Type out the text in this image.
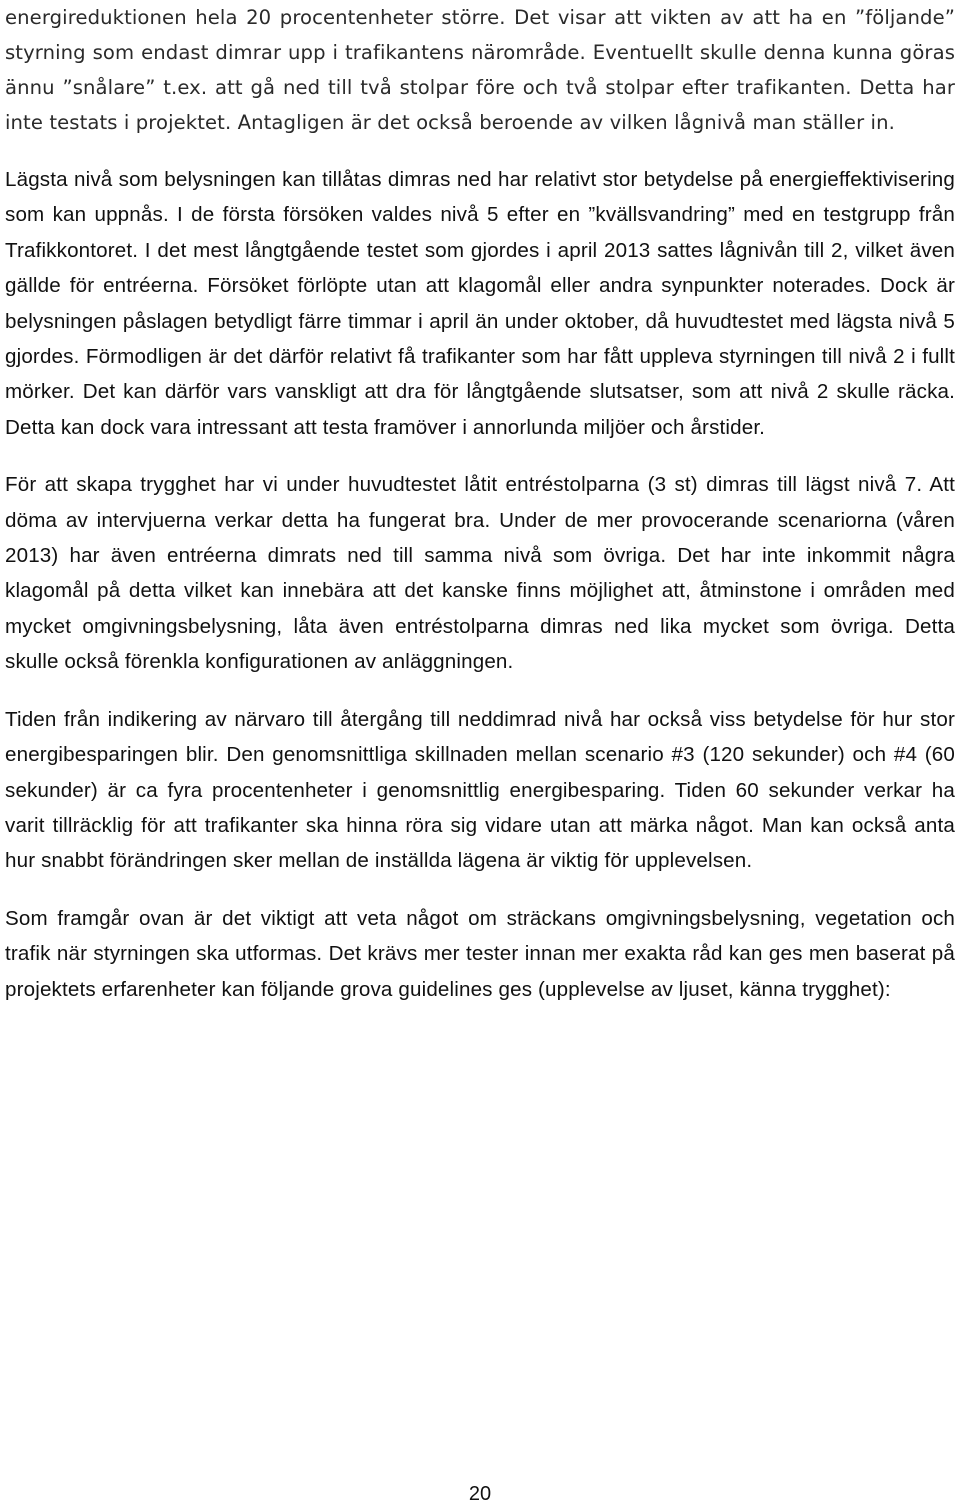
energireduktionen hela 20 procentenheter större. Det visar att vikten av att ha en ”följande” styrning som endast dimrar upp i trafikantens närområde. Eventuellt skulle denna kunna göras ännu ”snålare” t.ex. att gå ned till två stolpar före och två stolpar efter trafikanten. Detta har inte testats i projektet. Antagligen är det också beroende av vilken lågnivå man ställer in.

Lägsta nivå som belysningen kan tillåtas dimras ned har relativt stor betydelse på energieffektivisering som kan uppnås. I de första försöken valdes nivå 5 efter en ”kvällsvandring” med en testgrupp från Trafikkontoret. I det mest långtgående testet som gjordes i april 2013 sattes lågnivån till 2, vilket även gällde för entréerna. Försöket förlöpte utan att klagomål eller andra synpunkter noterades. Dock är belysningen påslagen betydligt färre timmar i april än under oktober, då huvudtestet med lägsta nivå 5 gjordes. Förmodligen är det därför relativt få trafikanter som har fått uppleva styrningen till nivå 2 i fullt mörker. Det kan därför vars vanskligt att dra för långtgående slutsatser, som att nivå 2 skulle räcka. Detta kan dock vara intressant att testa framöver i annorlunda miljöer och årstider.

För att skapa trygghet har vi under huvudtestet låtit entréstolparna (3 st) dimras till lägst nivå 7. Att döma av intervjuerna verkar detta ha fungerat bra. Under de mer provocerande scenariorna (våren 2013) har även entréerna dimrats ned till samma nivå som övriga. Det har inte inkommit några klagomål på detta vilket kan innebära att det kanske finns möjlighet att, åtminstone i områden med mycket omgivningsbelysning, låta även entréstolparna dimras ned lika mycket som övriga. Detta skulle också förenkla konfigurationen av anläggningen.

Tiden från indikering av närvaro till återgång till neddimrad nivå har också viss betydelse för hur stor energibesparingen blir. Den genomsnittliga skillnaden mellan scenario #3 (120 sekunder) och #4 (60 sekunder) är ca fyra procentenheter i genomsnittlig energibesparing. Tiden 60 sekunder verkar ha varit tillräcklig för att trafikanter ska hinna röra sig vidare utan att märka något. Man kan också anta hur snabbt förändringen sker mellan de inställda lägena är viktig för upplevelsen.

Som framgår ovan är det viktigt att veta något om sträckans omgivningsbelysning, vegetation och trafik när styrningen ska utformas. Det krävs mer tester innan mer exakta råd kan ges men baserat på projektets erfarenheter kan följande grova guidelines ges (upplevelse av ljuset, känna trygghet):

20
